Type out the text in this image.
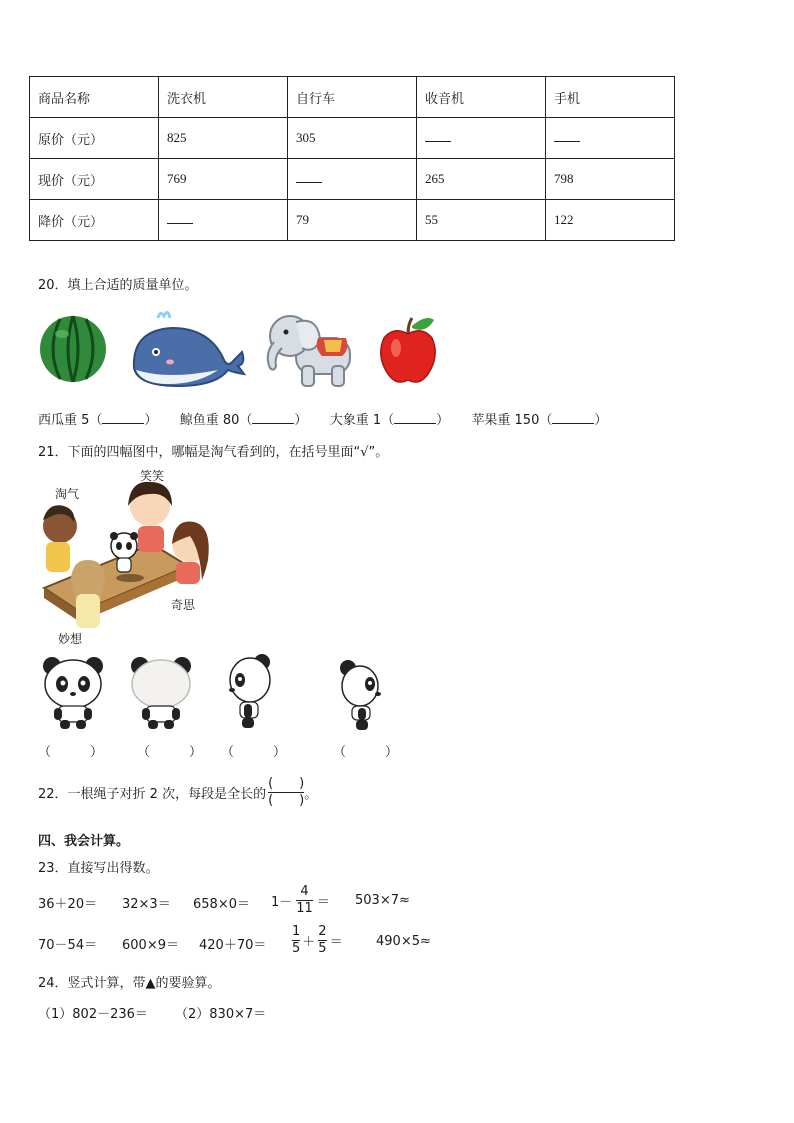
商品名称	洗衣机	自行车	收音机	手机
原价（元）	825	305		
现价（元）	769		265	798
降价（元）		79	55	122
20．填上合适的质量单位。
西瓜重 5（	） 鲸鱼重 80（	） 大象重 1（	） 苹果重 150（	）
21．下面的四幅图中，哪幅是淘气看到的，在括号里面“√”。
笑笑
淘气
奇思
妙想
（　　　）	（　　　） （　　　）	（　　　）
22．一根绳子对折 2 次，每段是全长的 $\frac{( )}{( )}$ 。
四、我会计算。
23．直接写出得数。
$36+20= 32\times 3= 658\times 0= 1- \frac{4}{11} = 503\times 7\approx$
$70-54= 600\times 9= 420+70= \frac{1}{5} + \frac{2}{5}$ ＝	490×5≈
24．竖式计算，带▲的要验算。
（1）802－236＝ （2）830×7＝
